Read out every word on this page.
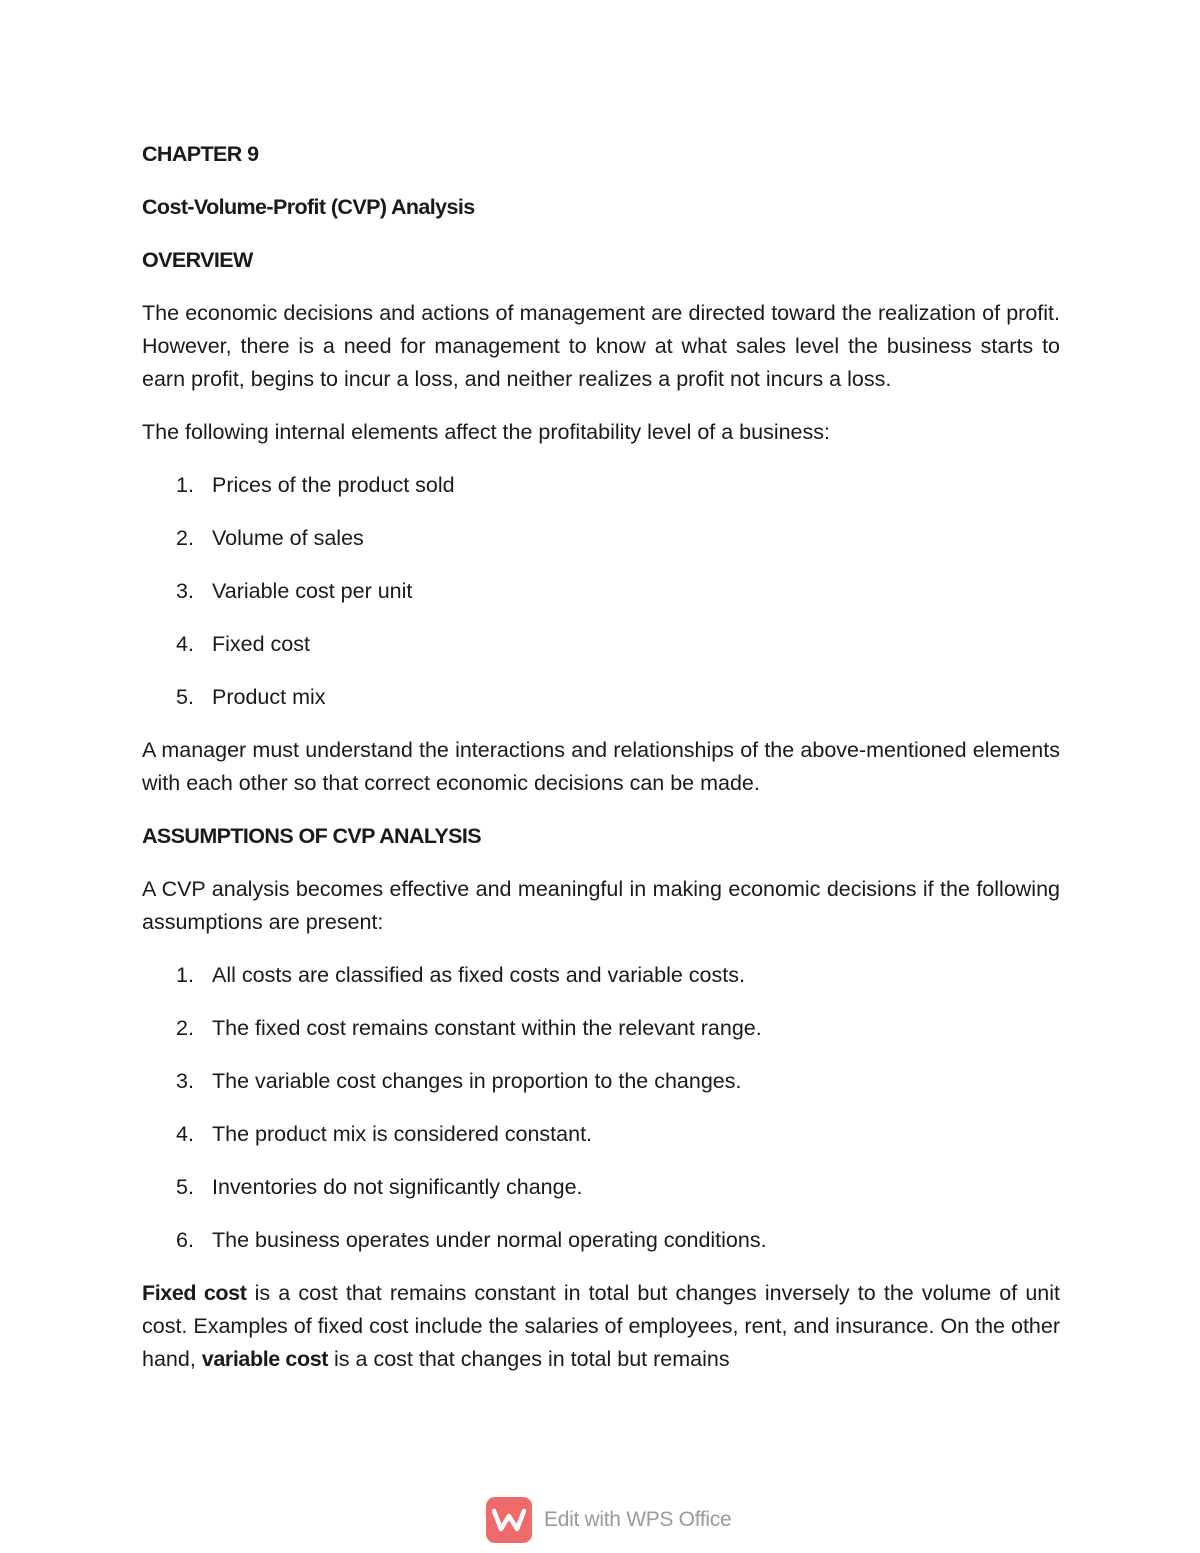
CHAPTER 9
Cost-Volume-Profit (CVP) Analysis
OVERVIEW

The economic decisions and actions of management are directed toward the realization of profit. However, there is a need for management to know at what sales level the business starts to earn profit, begins to incur a loss, and neither realizes a profit not incurs a loss.

The following internal elements affect the profitability level of a business:

1. Prices of the product sold
2. Volume of sales
3. Variable cost per unit
4. Fixed cost
5. Product mix

A manager must understand the interactions and relationships of the above-mentioned elements with each other so that correct economic decisions can be made.

ASSUMPTIONS OF CVP ANALYSIS

A CVP analysis becomes effective and meaningful in making economic decisions if the following assumptions are present:

1. All costs are classified as fixed costs and variable costs.
2. The fixed cost remains constant within the relevant range.
3. The variable cost changes in proportion to the changes.
4. The product mix is considered constant.
5. Inventories do not significantly change.
6. The business operates under normal operating conditions.

Fixed cost is a cost that remains constant in total but changes inversely to the volume of unit cost. Examples of fixed cost include the salaries of employees, rent, and insurance. On the other hand, variable cost is a cost that changes in total but remains

Edit with WPS Office
